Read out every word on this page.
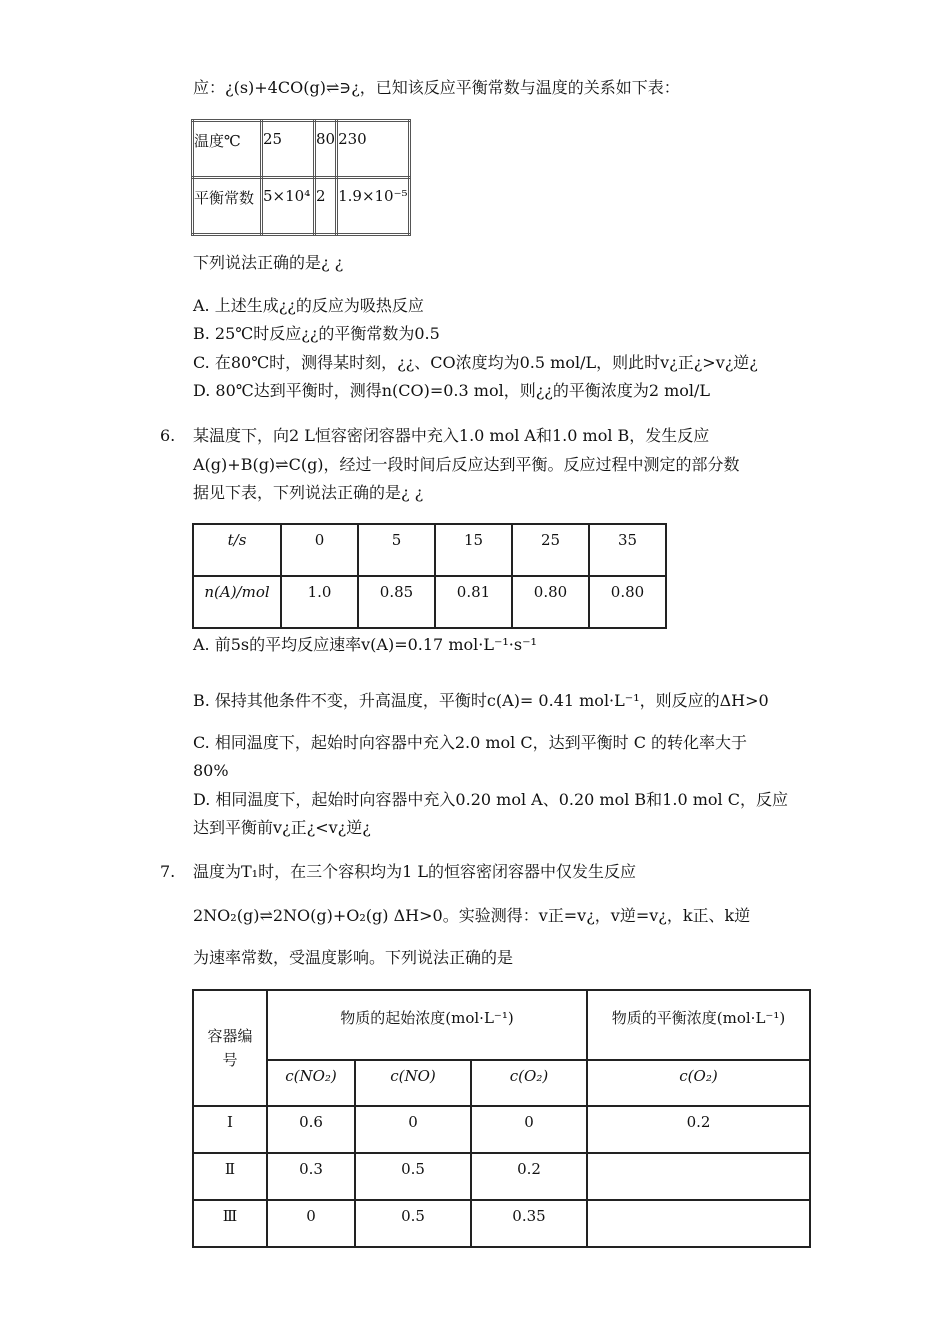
应：¿(s)+4CO(g)⇌∋¿，已知该反应平衡常数与温度的关系如下表：
温度℃	25	80	230
平衡常数	5×10⁴	2	1.9×10⁻⁵
下列说法正确的是¿ ¿
A. 上述生成¿¿的反应为吸热反应
B. 25℃时反应¿¿的平衡常数为0.5
C. 在80℃时，测得某时刻，¿¿、CO浓度均为0.5 mol/L，则此时v¿正¿>v¿逆¿
D. 80℃达到平衡时，测得n(CO)=0.3 mol，则¿¿的平衡浓度为2 mol/L
6. 某温度下，向2 L恒容密闭容器中充入1.0 mol A和1.0 mol B，发生反应
A(g)+B(g)⇌C(g)，经过一段时间后反应达到平衡。反应过程中测定的部分数
据见下表，下列说法正确的是¿ ¿
t/s	0	5	15	25	35
n(A)/mol	1.0	0.85	0.81	0.80	0.80
A. 前5s的平均反应速率v(A)=0.17 mol·L⁻¹·s⁻¹
B. 保持其他条件不变，升高温度，平衡时c(A)= 0.41 mol·L⁻¹，则反应的ΔH>0
C. 相同温度下，起始时向容器中充入2.0 mol C，达到平衡时 C 的转化率大于
80%
D. 相同温度下，起始时向容器中充入0.20 mol A、0.20 mol B和1.0 mol C，反应
达到平衡前v¿正¿<v¿逆¿
7. 温度为T₁时，在三个容积均为1 L的恒容密闭容器中仅发生反应
2NO₂(g)⇌2NO(g)+O₂(g) ΔH>0。实验测得：v正=v¿，v逆=v¿，k正、k逆
为速率常数，受温度影响。下列说法正确的是
容器编号	物质的起始浓度(mol·L⁻¹)			物质的平衡浓度(mol·L⁻¹)
	c(NO₂)	c(NO)	c(O₂)	c(O₂)
Ⅰ	0.6	0	0	0.2
Ⅱ	0.3	0.5	0.2	
Ⅲ	0	0.5	0.35	
